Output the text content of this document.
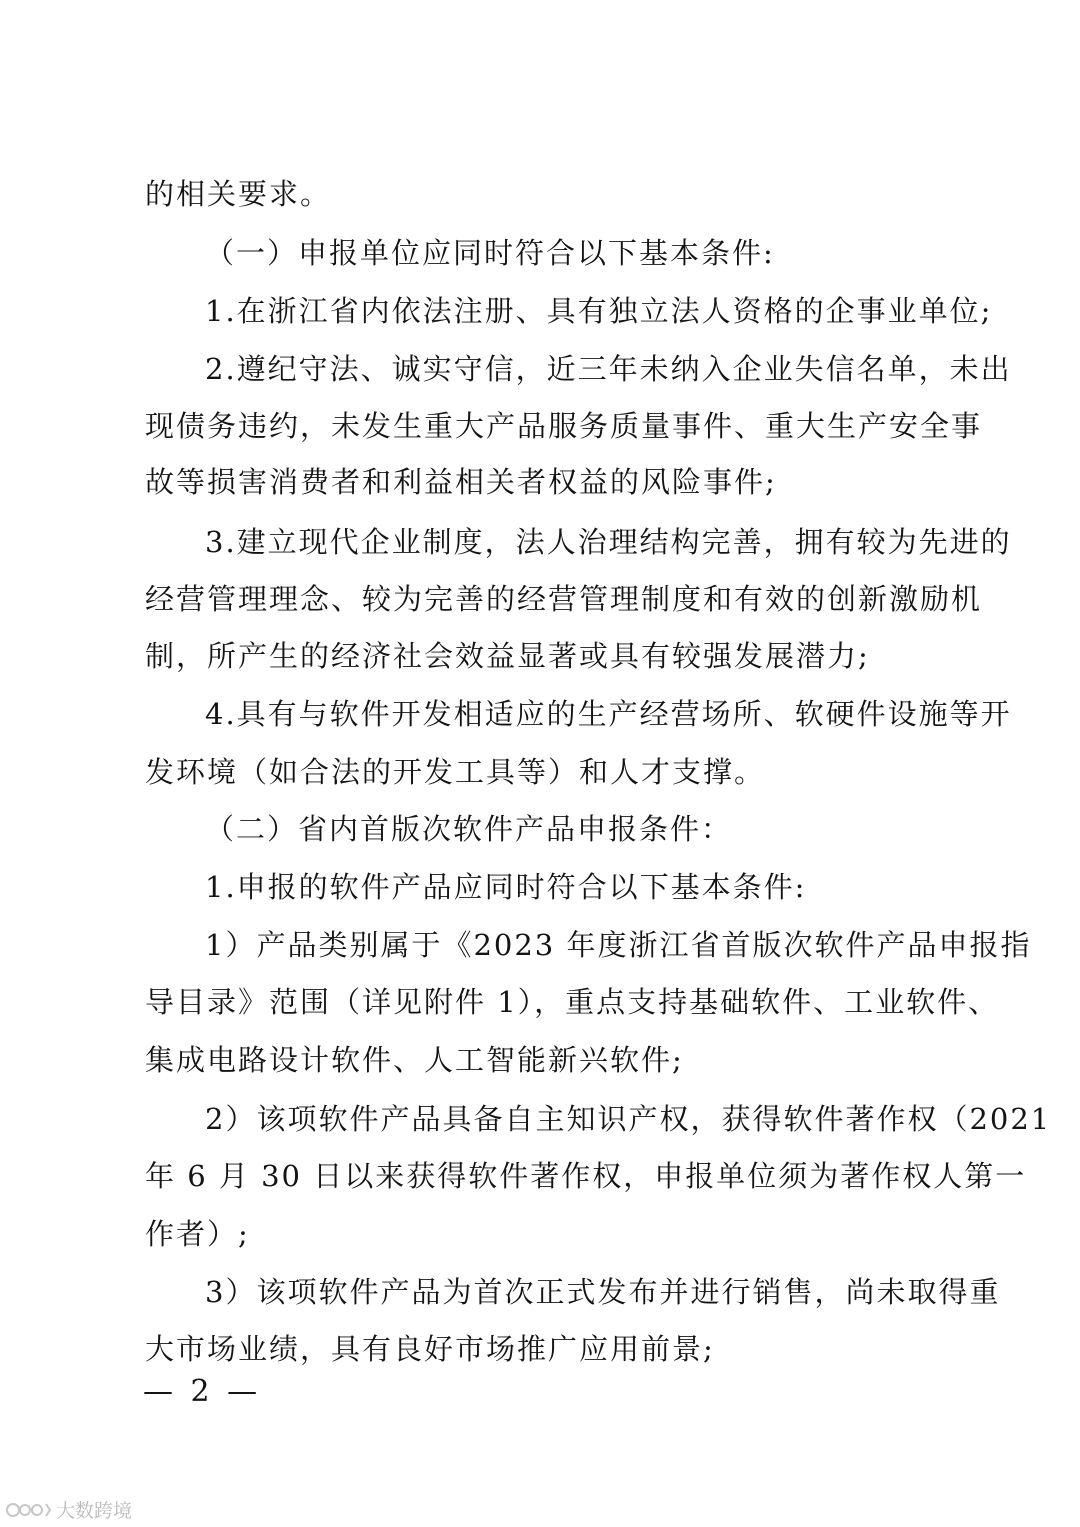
的相关要求。
（一）申报单位应同时符合以下基本条件:
1.在浙江省内依法注册、具有独立法人资格的企事业单位;
2.遵纪守法、诚实守信，近三年未纳入企业失信名单，未出
现债务违约，未发生重大产品服务质量事件、重大生产安全事
故等损害消费者和利益相关者权益的风险事件;
3.建立现代企业制度，法人治理结构完善，拥有较为先进的
经营管理理念、较为完善的经营管理制度和有效的创新激励机
制，所产生的经济社会效益显著或具有较强发展潜力;
4.具有与软件开发相适应的生产经营场所、软硬件设施等开
发环境（如合法的开发工具等）和人才支撑。
（二）省内首版次软件产品申报条件：
1.申报的软件产品应同时符合以下基本条件:
1）产品类别属于《2023 年度浙江省首版次软件产品申报指
导目录》范围（详见附件 1），重点支持基础软件、工业软件、
集成电路设计软件、人工智能新兴软件;
2）该项软件产品具备自主知识产权，获得软件著作权（2021
年 6 月 30 日以来获得软件著作权，申报单位须为著作权人第一
作者）;
3）该项软件产品为首次正式发布并进行销售，尚未取得重
大市场业绩，具有良好市场推广应用前景;
— 2 —
大数跨境
